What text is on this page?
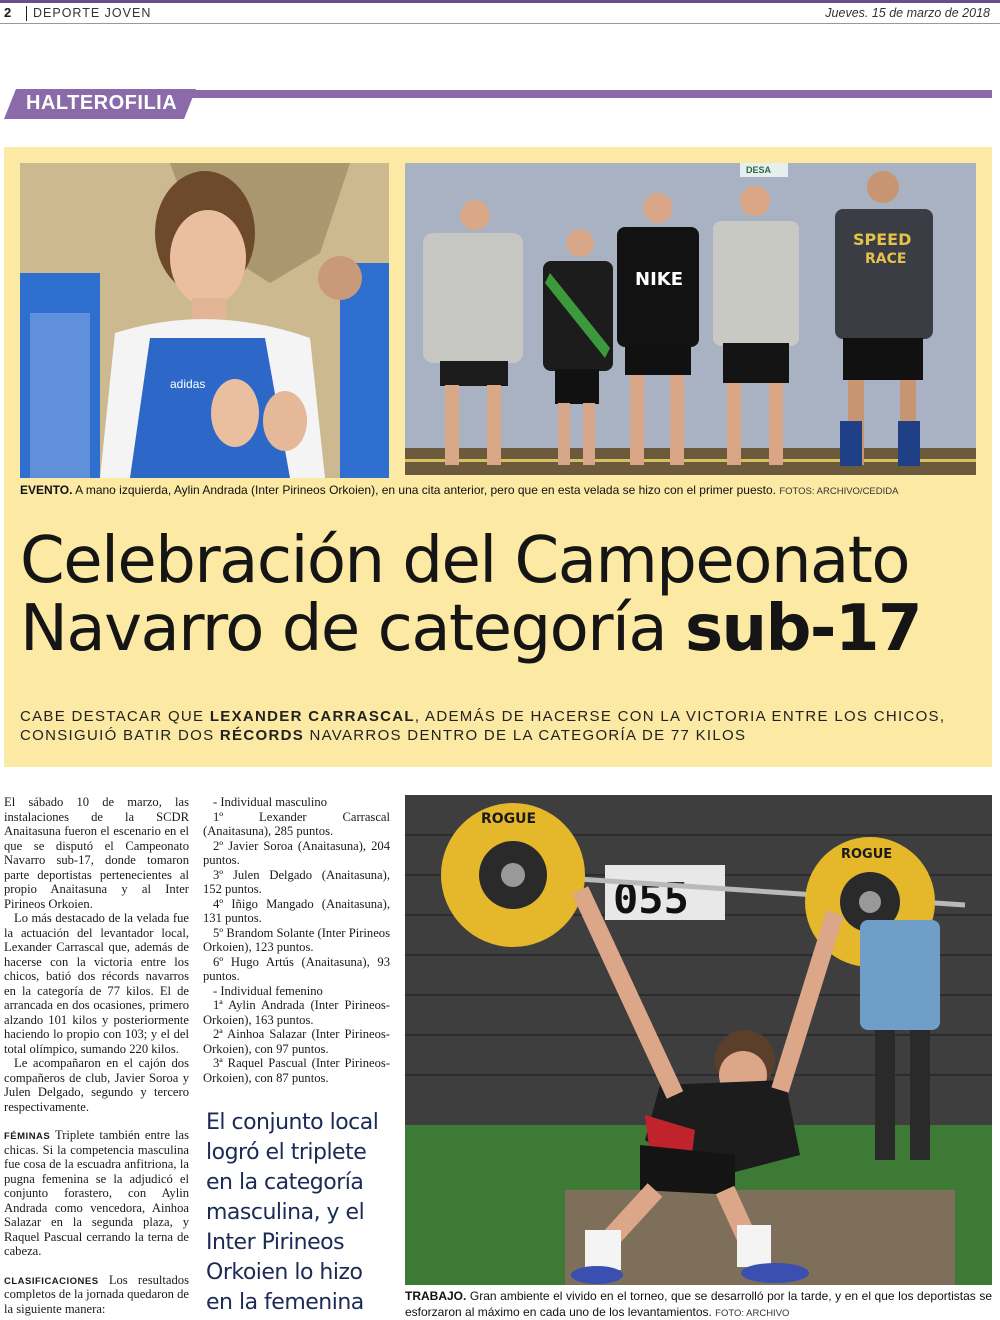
2 DEPORTE JOVEN	Jueves. 15 de marzo de 2018
HALTEROFILIA
adidas
DESA
NIKE
SPEED
RACE
EVENTO. A mano izquierda, Aylin Andrada (Inter Pirineos Orkoien), en una cita anterior, pero que en esta velada se hizo con el primer puesto. FOTOS: ARCHIVO/CEDIDA
Celebración del Campeonato Navarro de categoría sub-17
CABE DESTACAR QUE LEXANDER CARRASCAL, ADEMÁS DE HACERSE CON LA VICTORIA ENTRE LOS CHICOS, CONSIGUIÓ BATIR DOS RÉCORDS NAVARROS DENTRO DE LA CATEGORÍA DE 77 KILOS

El sábado 10 de marzo, las instalaciones de la SCDR Anaitasuna fueron el escenario en el que se disputó el Campeonato Navarro sub-17, donde tomaron parte deportistas pertenecientes al propio Anaitasuna y al Inter Pirineos Orkoien.

Lo más destacado de la velada fue la actuación del levantador local, Lexander Carrascal que, además de hacerse con la victoria entre los chicos, batió dos récords navarros en la categoría de 77 kilos. El de arrancada en dos ocasiones, primero alzando 101 kilos y posteriormente haciendo lo propio con 103; y el del total olímpico, sumando 220 kilos.

Le acompañaron en el cajón dos compañeros de club, Javier Soroa y Julen Delgado, segundo y tercero respectivamente.

FÉMINAS Triplete también entre las chicas. Si la competencia masculina fue cosa de la escuadra anfitriona, la pugna femenina se la adjudicó el conjunto forastero, con Aylin Andrada como vencedora, Ainhoa Salazar en la segunda plaza, y Raquel Pascual cerrando la terna de cabeza.

CLASIFICACIONES Los resultados completos de la jornada quedaron de la siguiente manera:

- Individual masculino

1º Lexander Carrascal (Anaitasuna), 285 puntos.

2º Javier Soroa (Anaitasuna), 204 puntos.

3º Julen Delgado (Anaitasuna), 152 puntos.

4º Iñigo Mangado (Anaitasuna), 131 puntos.

5º Brandom Solante (Inter Pirineos Orkoien), 123 puntos.

6º Hugo Artús (Anaitasuna), 93 puntos.

- Individual femenino

1ª Aylin Andrada (Inter Pirineos-Orkoien), 163 puntos.

2ª Ainhoa Salazar (Inter Pirineos-Orkoien), con 97 puntos.

3ª Raquel Pascual (Inter Pirineos-Orkoien), con 87 puntos.

El conjunto local logró el triplete en la categoría masculina, y el Inter Pirineos Orkoien lo hizo en la femenina
055
ROGUE
ROGUE
TRABAJO. Gran ambiente el vivido en el torneo, que se desarrolló por la tarde, y en el que los deportistas se esforzaron al máximo en cada uno de los levantamientos. FOTO: ARCHIVO
